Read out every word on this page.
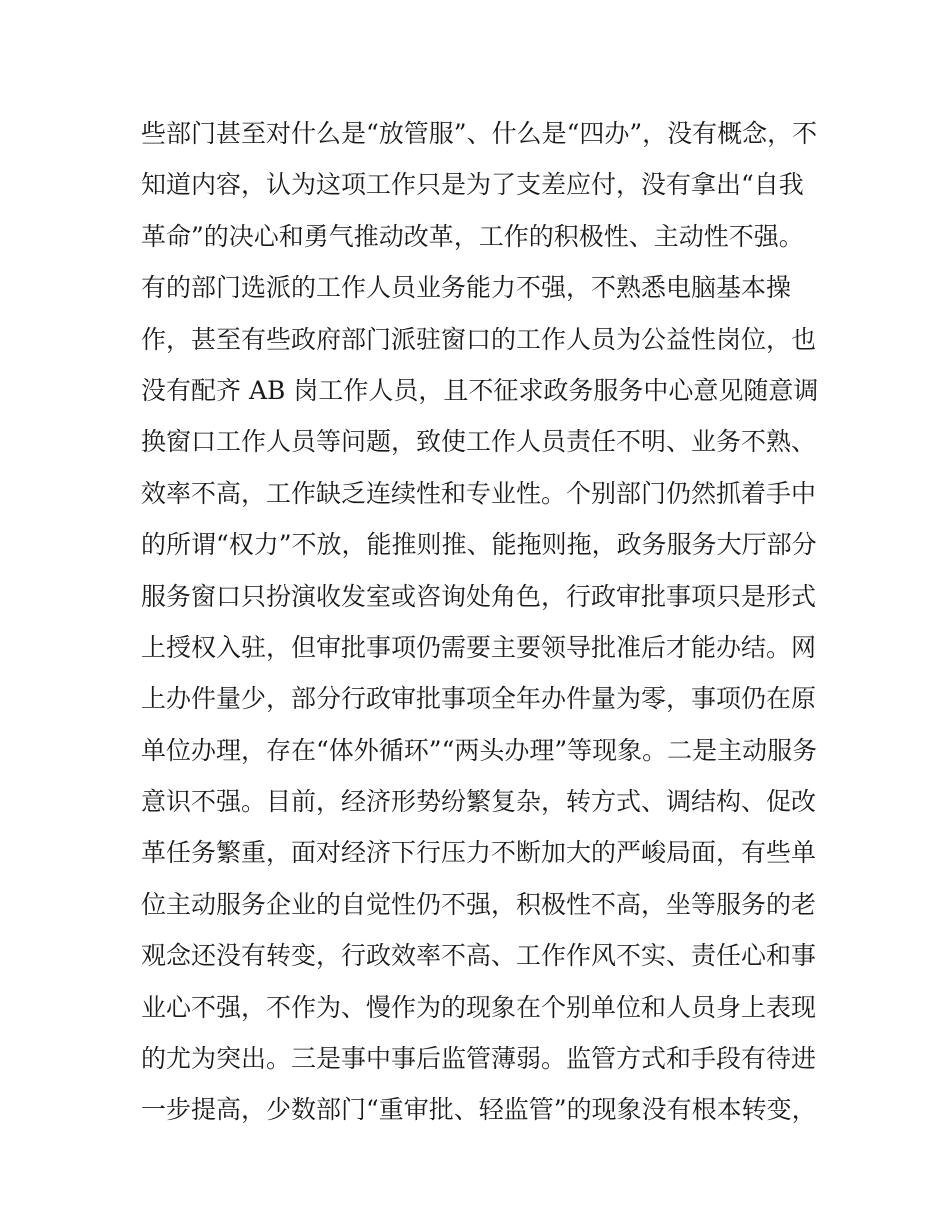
些部门甚至对什么是“放管服”、什么是“四办”，没有概念，不
知道内容，认为这项工作只是为了支差应付，没有拿出“自我
革命”的决心和勇气推动改革，工作的积极性、主动性不强。
有的部门选派的工作人员业务能力不强，不熟悉电脑基本操
作，甚至有些政府部门派驻窗口的工作人员为公益性岗位，也
没有配齐 AB 岗工作人员，且不征求政务服务中心意见随意调
换窗口工作人员等问题，致使工作人员责任不明、业务不熟、
效率不高，工作缺乏连续性和专业性。个别部门仍然抓着手中
的所谓“权力”不放，能推则推、能拖则拖，政务服务大厅部分
服务窗口只扮演收发室或咨询处角色，行政审批事项只是形式
上授权入驻，但审批事项仍需要主要领导批准后才能办结。网
上办件量少，部分行政审批事项全年办件量为零，事项仍在原
单位办理，存在“体外循环”“两头办理”等现象。二是主动服务
意识不强。目前，经济形势纷繁复杂，转方式、调结构、促改
革任务繁重，面对经济下行压力不断加大的严峻局面，有些单
位主动服务企业的自觉性仍不强，积极性不高，坐等服务的老
观念还没有转变，行政效率不高、工作作风不实、责任心和事
业心不强，不作为、慢作为的现象在个别单位和人员身上表现
的尤为突出。三是事中事后监管薄弱。监管方式和手段有待进
一步提高，少数部门“重审批、轻监管”的现象没有根本转变，
